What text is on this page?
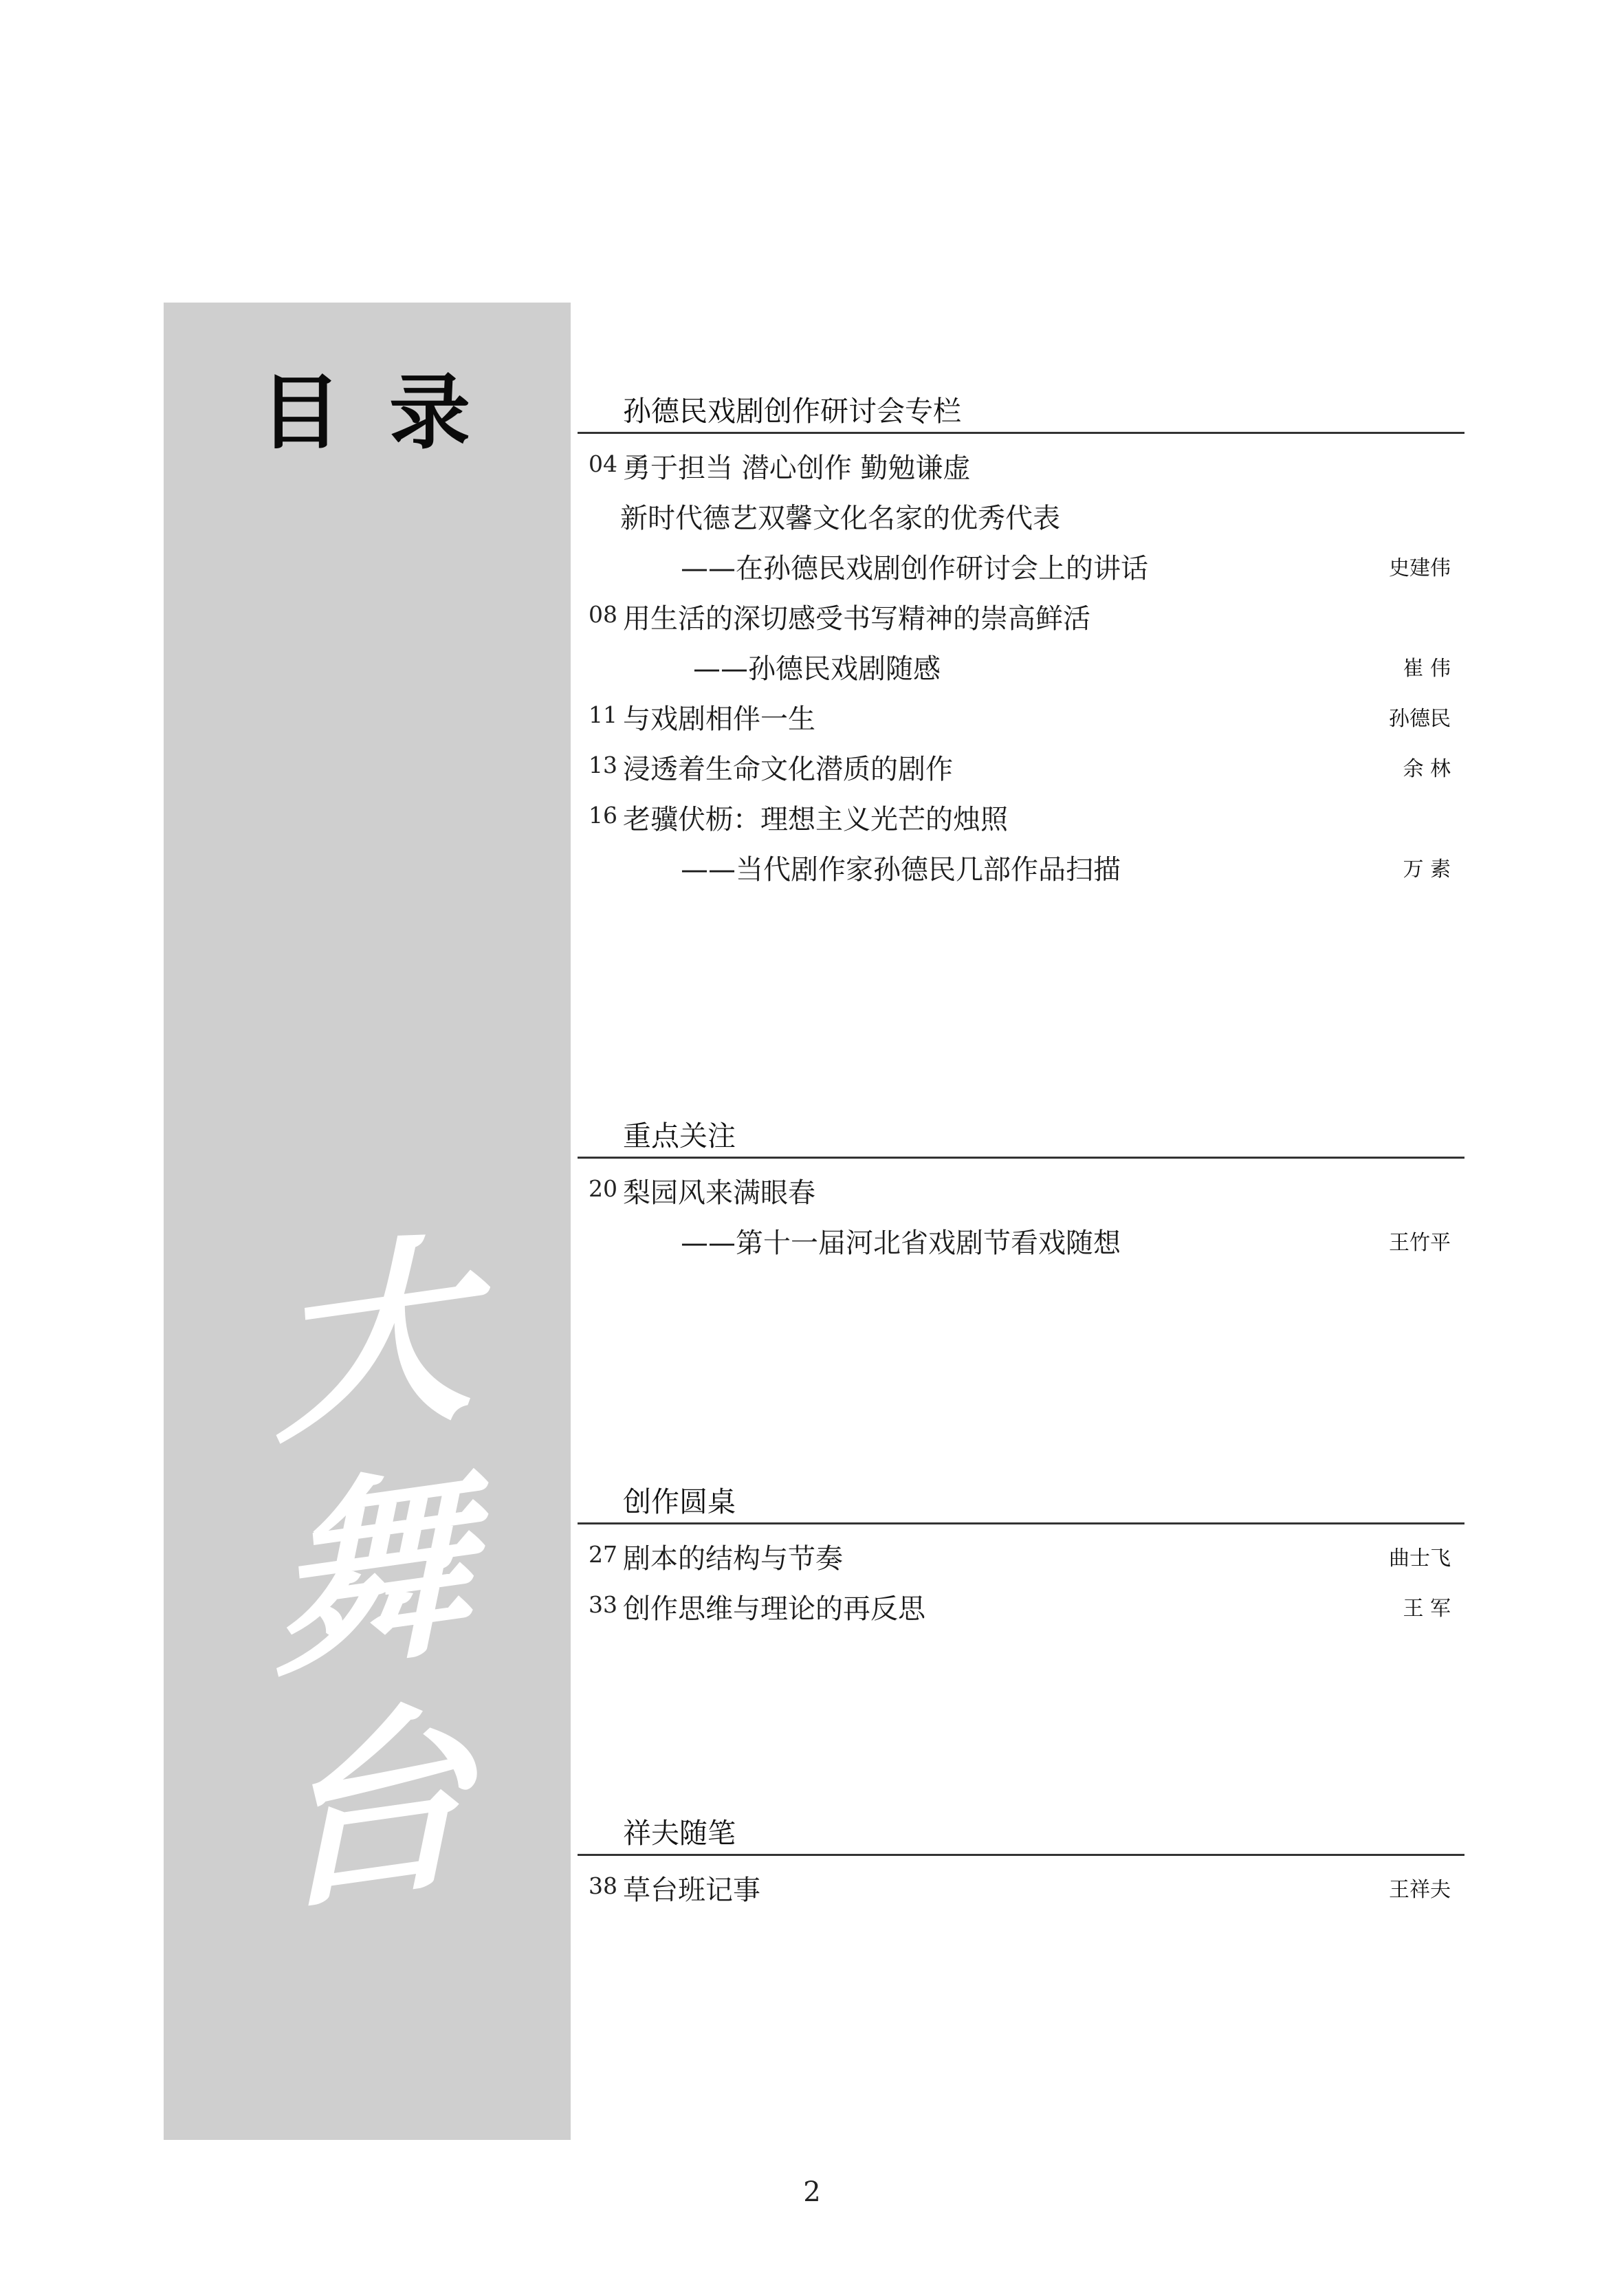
目录
大
舞
台
孙德民戏剧创作研讨会专栏
04 勇于担当 潜心创作 勤勉谦虚
新时代德艺双馨文化名家的优秀代表
——在孙德民戏剧创作研讨会上的讲话	史建伟
08 用生活的深切感受书写精神的崇高鲜活
——孙德民戏剧随感	崔 伟
11 与戏剧相伴一生	孙德民
13 浸透着生命文化潜质的剧作	余 林
16 老骥伏枥：理想主义光芒的烛照
——当代剧作家孙德民几部作品扫描	万 素
重点关注
20 梨园风来满眼春
——第十一届河北省戏剧节看戏随想	王竹平
创作圆桌
27 剧本的结构与节奏	曲士飞
33 创作思维与理论的再反思	王 军
祥夫随笔
38 草台班记事	王祥夫
2
